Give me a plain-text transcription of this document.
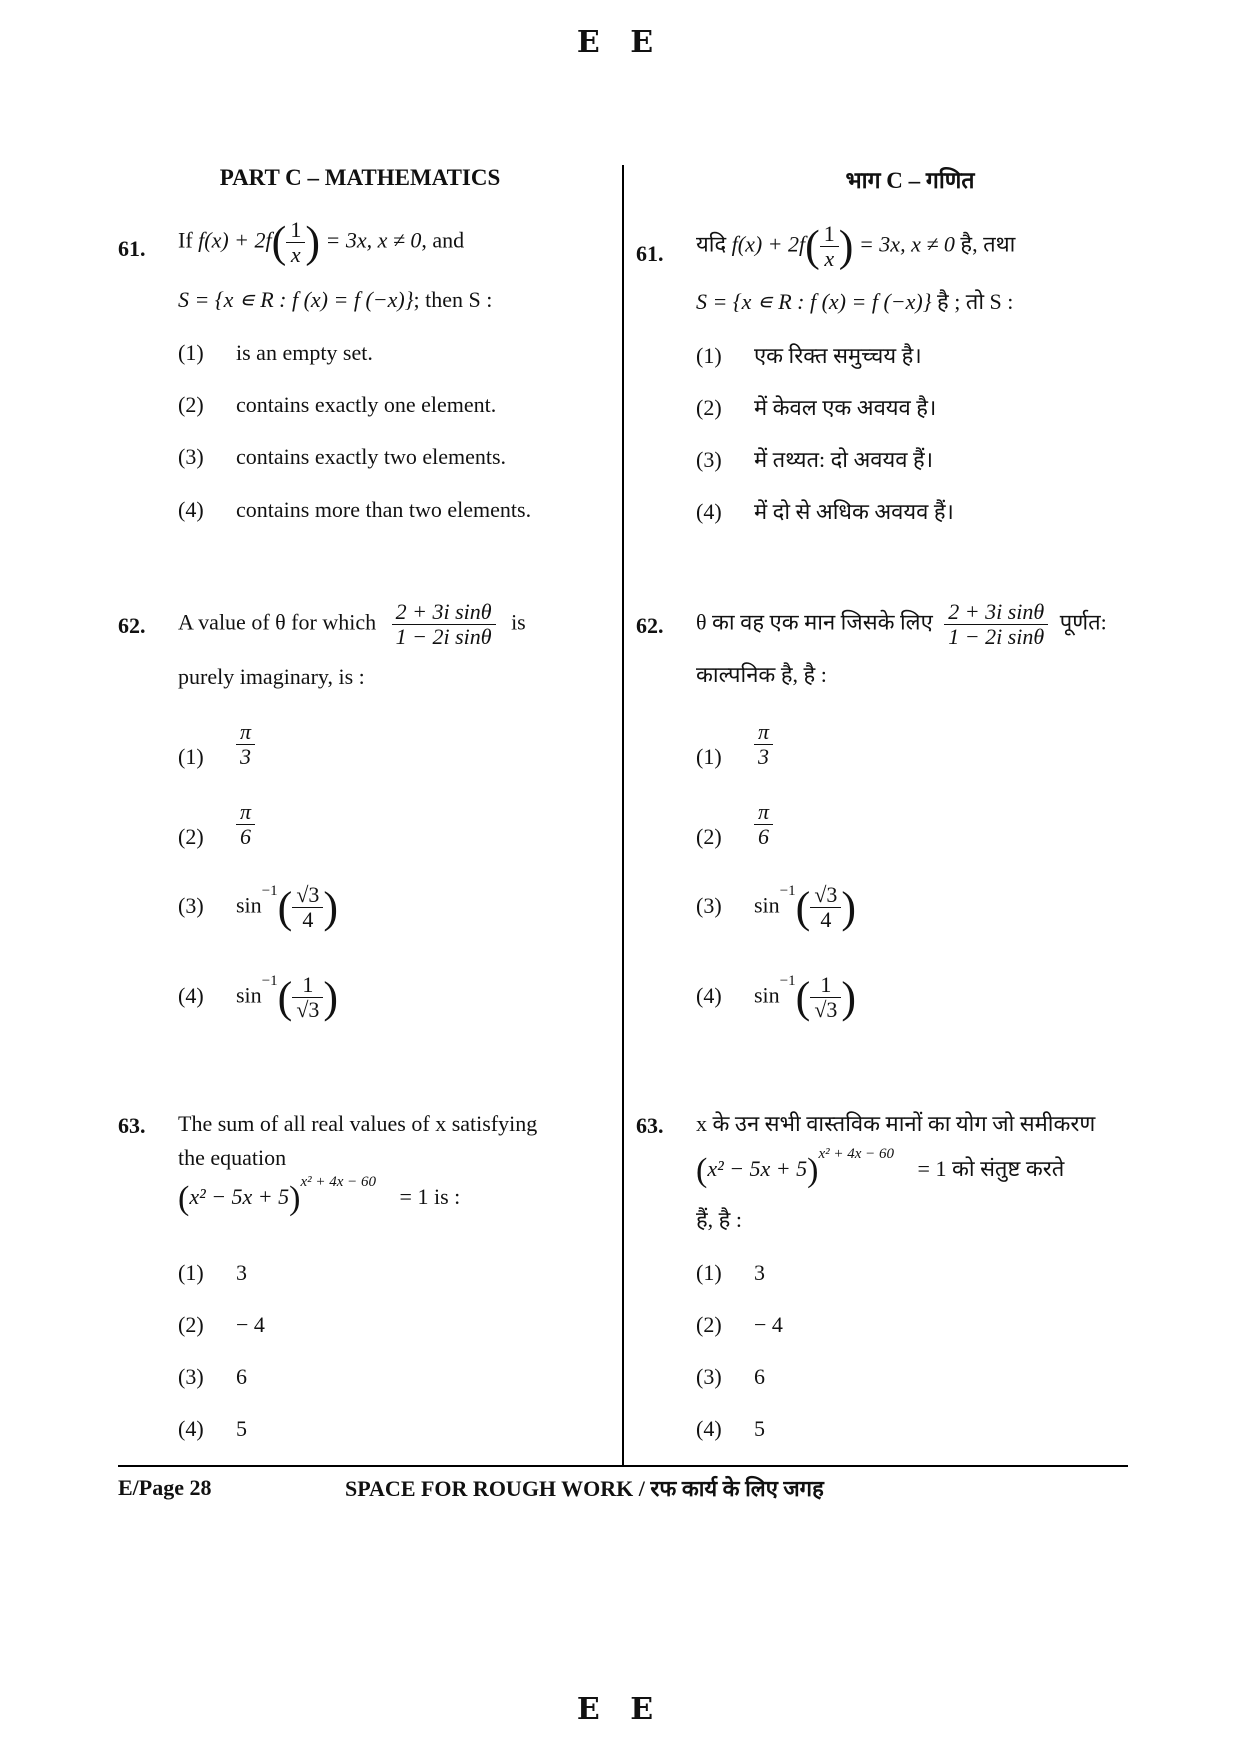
E E
PART C – MATHEMATICS	भाग C – गणित
61. If $f(x) + 2f( \frac{1}{x}$ ) = 3x, x ≠ 0, and
S = {x ∊ R : f (x) = f (−x)}; then S :
(1) is an empty set.
(2) contains exactly one element.
(3) contains exactly two elements.
(4) contains more than two elements.
62. A value of θ for which $\frac{\text{2 + 3i sinθ}}{\text{1 − 2i sinθ}}$ is
purely imaginary, is :
$(1) \frac{\pi}{3}$
$(2) \frac{\pi}{6}$
(3) $\sin^{-1}( \frac{√3}{4}$ )
(4) $\sin^{-1}( \frac{1}{√3}$ )
63. The sum of all real values of x satisfying
the equation
$(x^2 - 5x + 5)^{x^2 + 4x - 60} = 1$ is :
(1) 3
(2) − 4
(3) 6
(4) 5
61. यदि $f(x) + 2f( \frac{1}{x}$ ) = 3x, x ≠ 0 है, तथा
S = {x ∊ R : f (x) = f (−x)} है ; तो S :
(1) एक रिक्त समुच्चय है।
(2) में केवल एक अवयव है।
(3) में तथ्यत: दो अवयव हैं।
(4) में दो से अधिक अवयव हैं।
62. θ का वह एक मान जिसके लिए $\frac{\text{2 + 3i sinθ}}{\text{1 − 2i sinθ}}$ पूर्णत:
काल्पनिक है, है :
$(1) \frac{\pi}{3}$
$(2) \frac{\pi}{6}$
(3) $\sin^{-1}( \frac{√3}{4}$ )
(4) $\sin^{-1}( \frac{1}{√3}$ )
63. x के उन सभी वास्तविक मानों का योग जो समीकरण
$(x^2 - 5x + 5)^{x^2 + 4x - 60} = 1$ को संतुष्ट करते
हैं, है :
(1) 3
(2) − 4
(3) 6
(4) 5
E/Page 28	SPACE FOR ROUGH WORK / रफ कार्य के लिए जगह
E E
